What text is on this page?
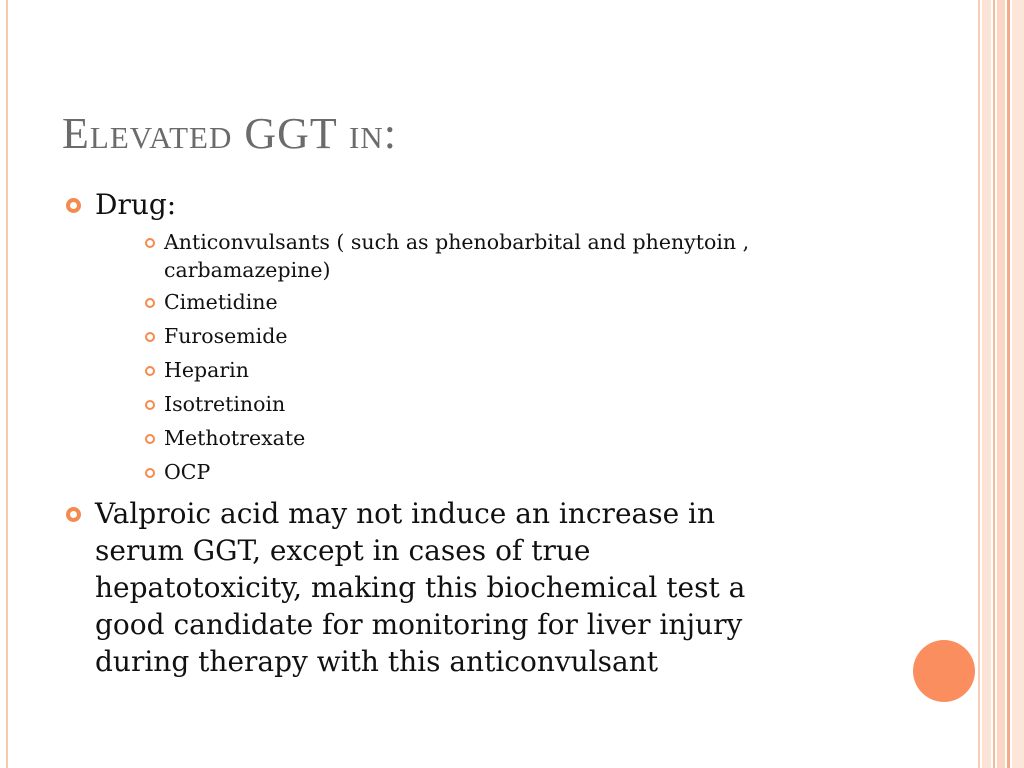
Elevated GGT in:
Drug:
Anticonvulsants ( such as phenobarbital and phenytoin ,
carbamazepine)
Cimetidine
Furosemide
Heparin
Isotretinoin
Methotrexate
OCP
Valproic acid may not induce an increase in
serum GGT, except in cases of true
hepatotoxicity, making this biochemical test a
good candidate for monitoring for liver injury
during therapy with this anticonvulsant
